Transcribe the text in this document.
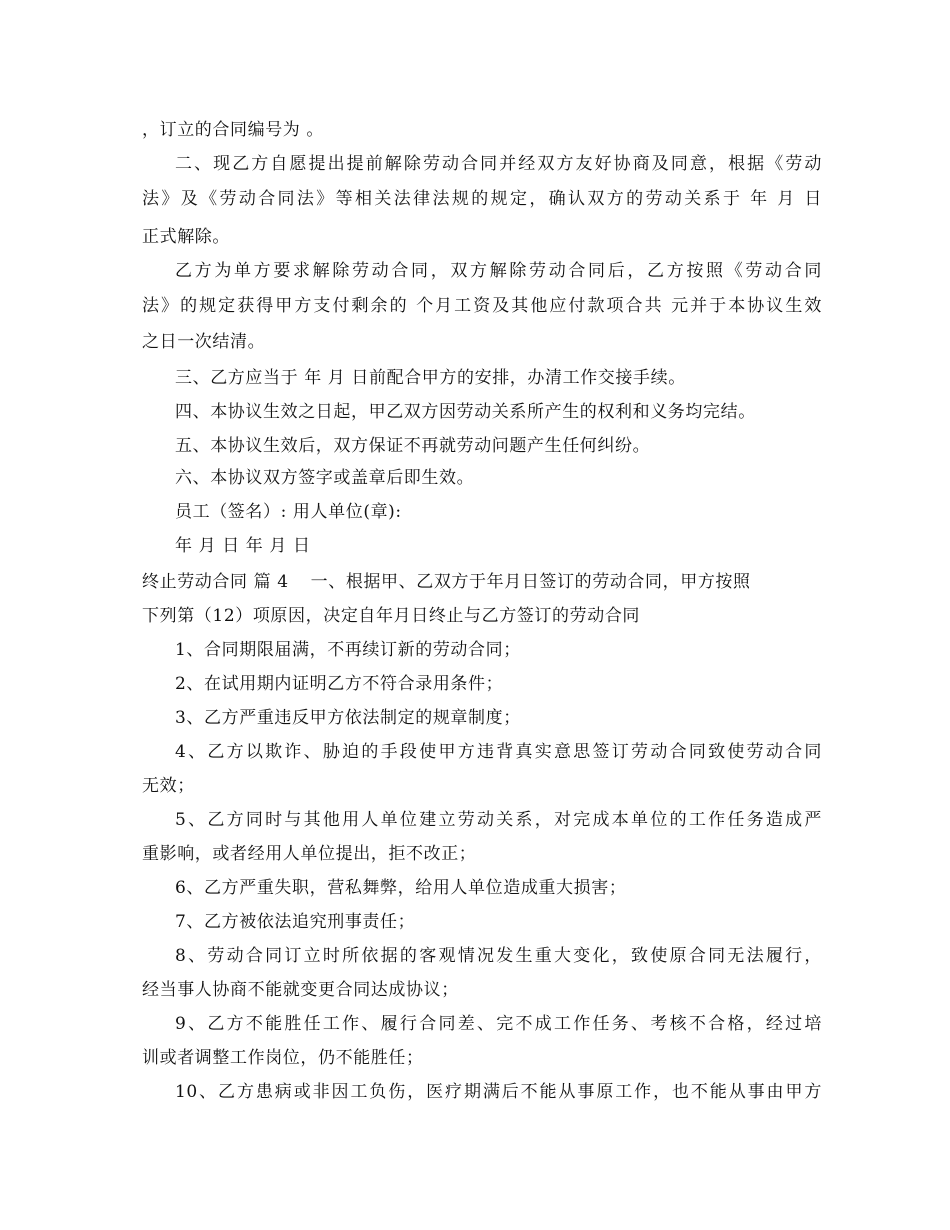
，订立的合同编号为 。
二、现乙方自愿提出提前解除劳动合同并经双方友好协商及同意，根据《劳动
法》及《劳动合同法》等相关法律法规的规定，确认双方的劳动关系于 年 月 日
正式解除。
乙方为单方要求解除劳动合同，双方解除劳动合同后，乙方按照《劳动合同
法》的规定获得甲方支付剩余的 个月工资及其他应付款项合共 元并于本协议生效
之日一次结清。
三、乙方应当于 年 月 日前配合甲方的安排，办清工作交接手续。
四、本协议生效之日起，甲乙双方因劳动关系所产生的权利和义务均完结。
五、本协议生效后，双方保证不再就劳动问题产生任何纠纷。
六、本协议双方签字或盖章后即生效。
员工（签名）: 用人单位(章):
年 月 日 年 月 日
终止劳动合同 篇 4 一、根据甲、乙双方于年月日签订的劳动合同，甲方按照
下列第（12）项原因，决定自年月日终止与乙方签订的劳动合同
1、合同期限届满，不再续订新的劳动合同；
2、在试用期内证明乙方不符合录用条件；
3、乙方严重违反甲方依法制定的规章制度；
4、乙方以欺诈、胁迫的手段使甲方违背真实意思签订劳动合同致使劳动合同
无效；
5、乙方同时与其他用人单位建立劳动关系，对完成本单位的工作任务造成严
重影响，或者经用人单位提出，拒不改正；
6、乙方严重失职，营私舞弊，给用人单位造成重大损害；
7、乙方被依法追究刑事责任；
8、劳动合同订立时所依据的客观情况发生重大变化，致使原合同无法履行，
经当事人协商不能就变更合同达成协议；
9、乙方不能胜任工作、履行合同差、完不成工作任务、考核不合格，经过培
训或者调整工作岗位，仍不能胜任；
10、乙方患病或非因工负伤，医疗期满后不能从事原工作，也不能从事由甲方
